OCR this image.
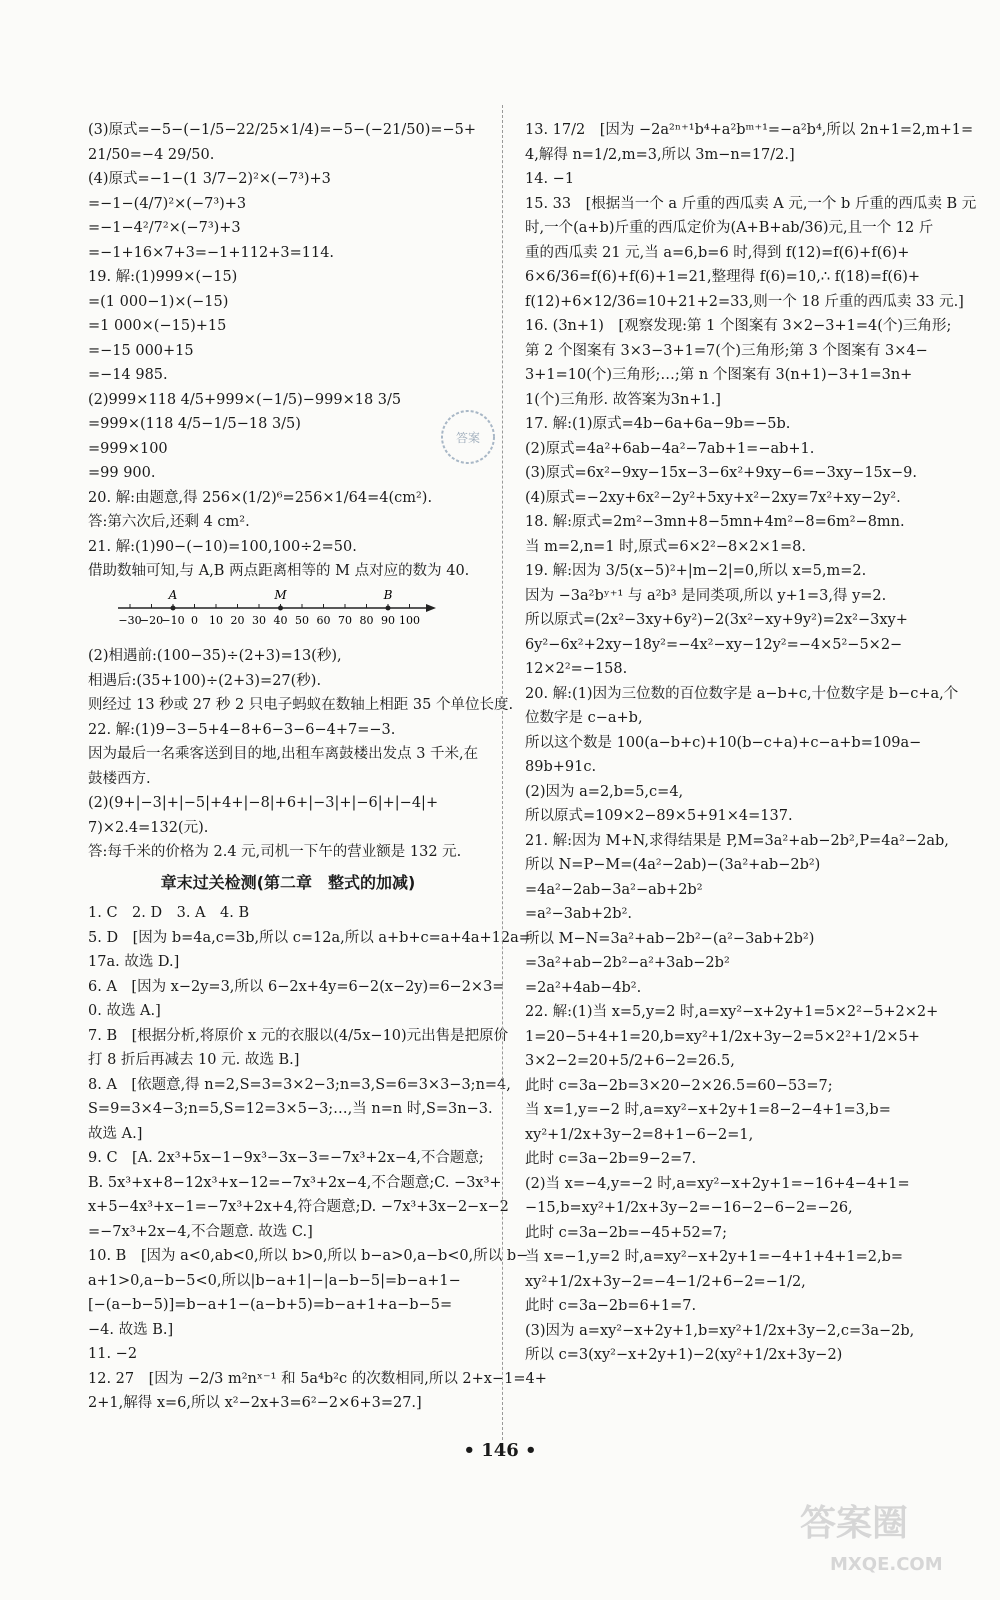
(3)原式=−5−(−1/5−22/25×1/4)=−5−(−21/50)=−5+
21/50=−4 29/50.
(4)原式=−1−(1 3/7−2)²×(−7³)+3
=−1−(4/7)²×(−7³)+3
=−1−4²/7²×(−7³)+3
=−1+16×7+3=−1+112+3=114.
19. 解:(1)999×(−15)
=(1 000−1)×(−15)
=1 000×(−15)+15
=−15 000+15
=−14 985.
(2)999×118 4/5+999×(−1/5)−999×18 3/5
=999×(118 4/5−1/5−18 3/5)
=999×100
=99 900.
20. 解:由题意,得 256×(1/2)⁶=256×1/64=4(cm²).
答:第六次后,还剩 4 cm².
21. 解:(1)90−(−10)=100,100÷2=50.
借助数轴可知,与 A,B 两点距离相等的 M 点对应的数为 40.
−30
−20
−10 0 10 20 30 40 50 60 70 80 90 100
A	M	B
(2)相遇前:(100−35)÷(2+3)=13(秒),
相遇后:(35+100)÷(2+3)=27(秒).
则经过 13 秒或 27 秒 2 只电子蚂蚁在数轴上相距 35 个单位长度.
22. 解:(1)9−3−5+4−8+6−3−6−4+7=−3.
因为最后一名乘客送到目的地,出租车离鼓楼出发点 3 千米,在
鼓楼西方.
(2)(9+|−3|+|−5|+4+|−8|+6+|−3|+|−6|+|−4|+
7)×2.4=132(元).
答:每千米的价格为 2.4 元,司机一下午的营业额是 132 元.
章末过关检测(第二章　整式的加减)
1. C　2. D　3. A　4. B
5. D　[因为 b=4a,c=3b,所以 c=12a,所以 a+b+c=a+4a+12a=
17a. 故选 D.]
6. A　[因为 x−2y=3,所以 6−2x+4y=6−2(x−2y)=6−2×3=
0. 故选 A.]
7. B　[根据分析,将原价 x 元的衣服以(4/5x−10)元出售是把原价
打 8 折后再减去 10 元. 故选 B.]
8. A　[依题意,得 n=2,S=3=3×2−3;n=3,S=6=3×3−3;n=4,
S=9=3×4−3;n=5,S=12=3×5−3;…,当 n=n 时,S=3n−3.
故选 A.]
9. C　[A. 2x³+5x−1−9x³−3x−3=−7x³+2x−4,不合题意;
B. 5x³+x+8−12x³+x−12=−7x³+2x−4,不合题意;C. −3x³+
x+5−4x³+x−1=−7x³+2x+4,符合题意;D. −7x³+3x−2−x−2
=−7x³+2x−4,不合题意. 故选 C.]
10. B　[因为 a<0,ab<0,所以 b>0,所以 b−a>0,a−b<0,所以 b−
a+1>0,a−b−5<0,所以|b−a+1|−|a−b−5|=b−a+1−
[−(a−b−5)]=b−a+1−(a−b+5)=b−a+1+a−b−5=
−4. 故选 B.]
11. −2
12. 27　[因为 −2/3 m²nˣ⁻¹ 和 5a⁴b²c 的次数相同,所以 2+x−1=4+
2+1,解得 x=6,所以 x²−2x+3=6²−2×6+3=27.]
13. 17/2　[因为 −2a²ⁿ⁺¹b⁴+a²bᵐ⁺¹=−a²b⁴,所以 2n+1=2,m+1=
4,解得 n=1/2,m=3,所以 3m−n=17/2.]
14. −1
15. 33　[根据当一个 a 斤重的西瓜卖 A 元,一个 b 斤重的西瓜卖 B 元
时,一个(a+b)斤重的西瓜定价为(A+B+ab/36)元,且一个 12 斤
重的西瓜卖 21 元,当 a=6,b=6 时,得到 f(12)=f(6)+f(6)+
6×6/36=f(6)+f(6)+1=21,整理得 f(6)=10,∴ f(18)=f(6)+
f(12)+6×12/36=10+21+2=33,则一个 18 斤重的西瓜卖 33 元.]
16. (3n+1)　[观察发现:第 1 个图案有 3×2−3+1=4(个)三角形;
第 2 个图案有 3×3−3+1=7(个)三角形;第 3 个图案有 3×4−
3+1=10(个)三角形;…;第 n 个图案有 3(n+1)−3+1=3n+
1(个)三角形. 故答案为3n+1.]
17. 解:(1)原式=4b−6a+6a−9b=−5b.
(2)原式=4a²+6ab−4a²−7ab+1=−ab+1.
(3)原式=6x²−9xy−15x−3−6x²+9xy−6=−3xy−15x−9.
(4)原式=−2xy+6x²−2y²+5xy+x²−2xy=7x²+xy−2y².
18. 解:原式=2m²−3mn+8−5mn+4m²−8=6m²−8mn.
当 m=2,n=1 时,原式=6×2²−8×2×1=8.
19. 解:因为 3/5(x−5)²+|m−2|=0,所以 x=5,m=2.
因为 −3a²bʸ⁺¹ 与 a²b³ 是同类项,所以 y+1=3,得 y=2.
所以原式=(2x²−3xy+6y²)−2(3x²−xy+9y²)=2x²−3xy+
6y²−6x²+2xy−18y²=−4x²−xy−12y²=−4×5²−5×2−
12×2²=−158.
20. 解:(1)因为三位数的百位数字是 a−b+c,十位数字是 b−c+a,个
位数字是 c−a+b,
所以这个数是 100(a−b+c)+10(b−c+a)+c−a+b=109a−
89b+91c.
(2)因为 a=2,b=5,c=4,
所以原式=109×2−89×5+91×4=137.
21. 解:因为 M+N,求得结果是 P,M=3a²+ab−2b²,P=4a²−2ab,
所以 N=P−M=(4a²−2ab)−(3a²+ab−2b²)
=4a²−2ab−3a²−ab+2b²
=a²−3ab+2b².
所以 M−N=3a²+ab−2b²−(a²−3ab+2b²)
=3a²+ab−2b²−a²+3ab−2b²
=2a²+4ab−4b².
22. 解:(1)当 x=5,y=2 时,a=xy²−x+2y+1=5×2²−5+2×2+
1=20−5+4+1=20,b=xy²+1/2x+3y−2=5×2²+1/2×5+
3×2−2=20+5/2+6−2=26.5,
此时 c=3a−2b=3×20−2×26.5=60−53=7;
当 x=1,y=−2 时,a=xy²−x+2y+1=8−2−4+1=3,b=
xy²+1/2x+3y−2=8+1−6−2=1,
此时 c=3a−2b=9−2=7.
(2)当 x=−4,y=−2 时,a=xy²−x+2y+1=−16+4−4+1=
−15,b=xy²+1/2x+3y−2=−16−2−6−2=−26,
此时 c=3a−2b=−45+52=7;
当 x=−1,y=2 时,a=xy²−x+2y+1=−4+1+4+1=2,b=
xy²+1/2x+3y−2=−4−1/2+6−2=−1/2,
此时 c=3a−2b=6+1=7.
(3)因为 a=xy²−x+2y+1,b=xy²+1/2x+3y−2,c=3a−2b,
所以 c=3(xy²−x+2y+1)−2(xy²+1/2x+3y−2)
答案
• 146 •
答案圈
MXQE.COM
